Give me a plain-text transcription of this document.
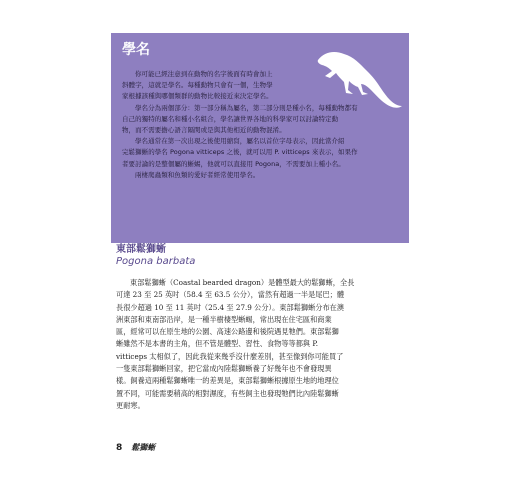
學名

你可能已經注意到在動物的名字後面有時會加上
斜體字，這就是學名。每種動物只會有一個，生物學
家根據該種與哪個類群的動物比較接近來決定學名。

學名分為兩個部分：第一部分稱為屬名，第二部分則是種小名，每種動物都有
自己的獨特的屬名和種小名組合，學名讓世界各地的科學家可以討論特定動
物，而不需要擔心語言隔閡或是與其他相近的動物混淆。

學名通常在第一次出現之後使用縮寫，屬名以首位字母表示，因此當介紹
完鬆獅蜥的學名 Pogona vitticeps 之後，就可以用 P. vitticeps 來表示，如果作
者要討論的是整個屬的蜥蜴，他就可以直接用 Pogona，不需要加上種小名。

兩棲爬蟲類和魚類的愛好者經常使用學名。

東部鬆獅蜥
Pogona barbata

東部鬆獅蜥（Coastal bearded dragon）是體型最大的鬆獅蜥，全長
可達 23 至 25 英吋（58.4 至 63.5 公分），當然有超過一半是尾巴；體
長很少超過 10 至 11 英吋（25.4 至 27.9 公分）。東部鬆獅蜥分布在澳
洲東部和東南部沿岸，是一種半樹棲型蜥蜴，常出現在住宅區和商業
區，經常可以在原生地的公園、高速公路邊和後院遇見牠們。東部鬆獅
蜥雖然不是本書的主角，但不管是體型、習性、食物等等都與 P.
vitticeps 太相似了，因此我從來幾乎沒什麼差別，甚至像到你可能買了
一隻東部鬆獅蜥回家，把它當成內陸鬆獅蜥養了好幾年也不會發現異
樣。飼養這兩種鬆獅蜥唯一的差異是，東部鬆獅蜥根據原生地的地理位
置不同，可能需要稍高的相對濕度，有些飼主也發現牠們比內陸鬆獅蜥
更耐寒。

8 鬆獅蜥
